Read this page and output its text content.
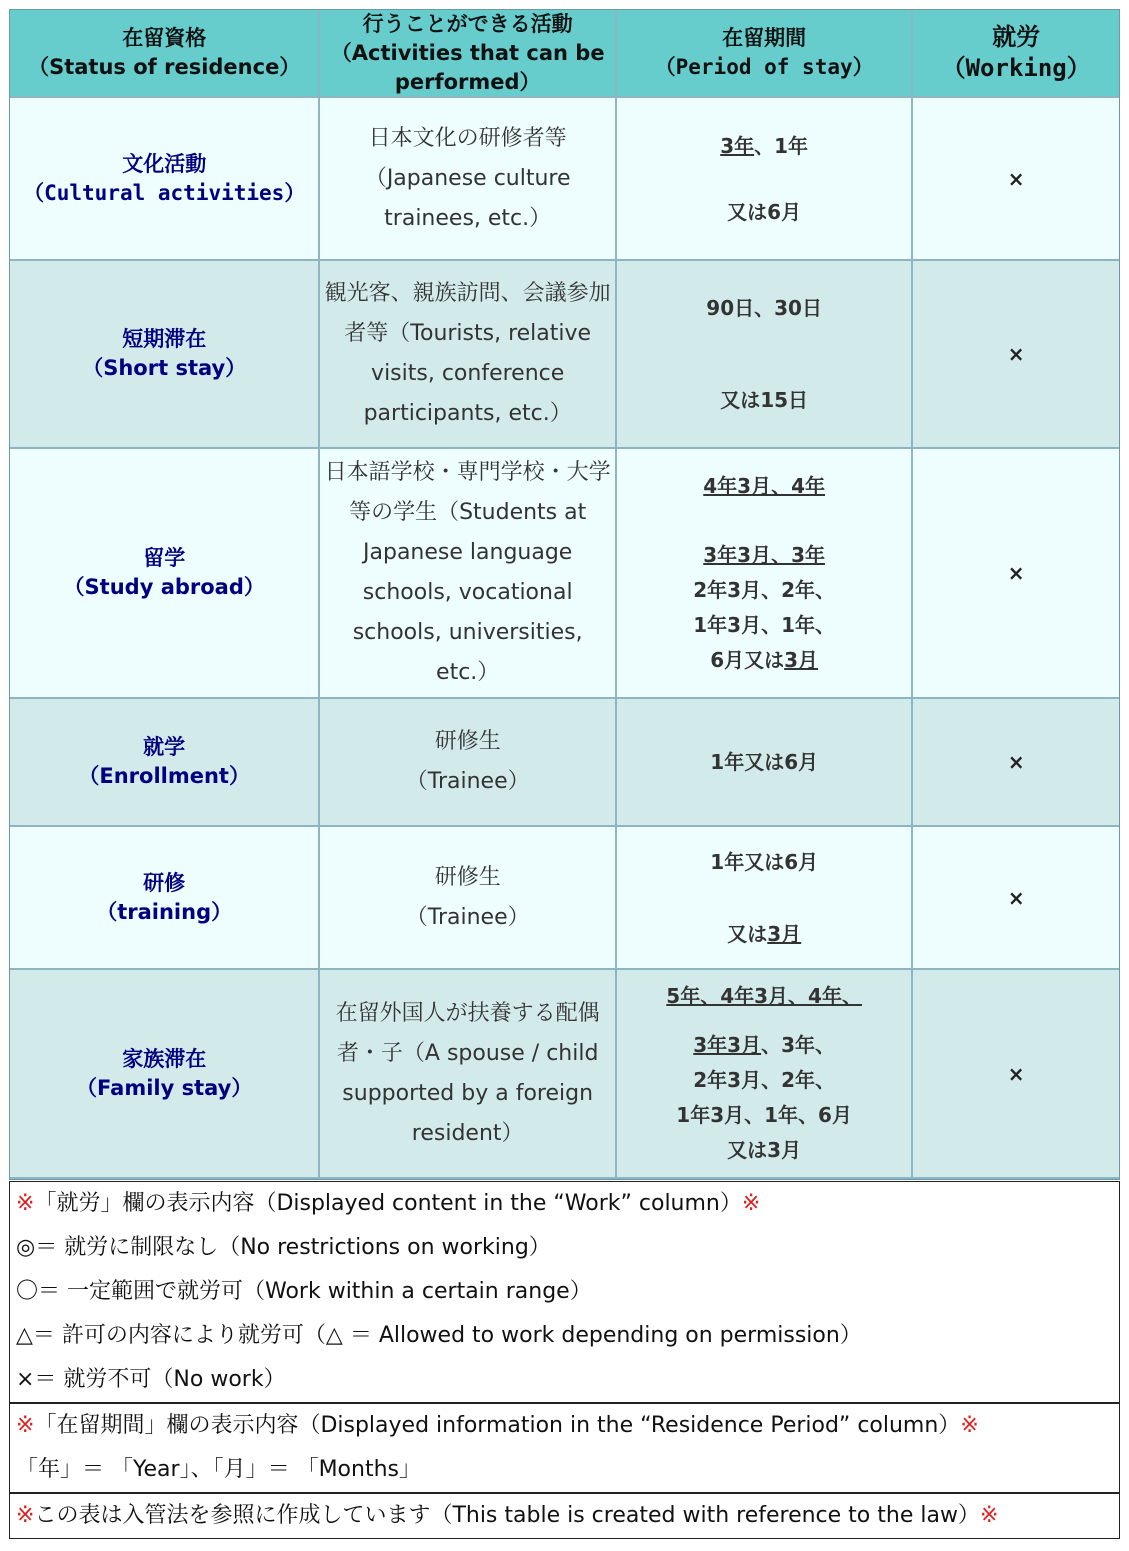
在留資格
（Status of residence）
行うことができる活動
（Activities that can be performed）
在留期間
（Period of stay）
就労
（Working）
文化活動
（Cultural activities）
日本文化の研修者等（Japanese culture trainees, etc.）
3年、1年
又は6月
×
短期滞在
（Short stay）
観光客、親族訪問、会議参加者等（Tourists, relative visits, conference participants, etc.）
90日、30日
又は15日
×
留学
（Study abroad）
日本語学校・専門学校・大学等の学生（Students at Japanese language schools, vocational schools, universities, etc.）
4年3月、4年
3年3月、3年
2年3月、2年、
1年3月、1年、
6月又は3月
×
就学
（Enrollment）
研修生（Trainee）
1年又は6月	×
研修
（training）
研修生（Trainee）
1年又は6月
又は3月
×
家族滞在
（Family stay）
在留外国人が扶養する配偶者・子（A spouse / child supported by a foreign resident）
5年、4年3月、4年、
3年3月、3年、
2年3月、2年、
1年3月、1年、6月
又は3月
×
※「就労」欄の表示内容（Displayed content in the “Work” column）※
◎＝ 就労に制限なし（No restrictions on working）
〇＝ 一定範囲で就労可（Work within a certain range）
△＝ 許可の内容により就労可（△ ＝ Allowed to work depending on permission）
×＝ 就労不可（No work）
※「在留期間」欄の表示内容（Displayed information in the “Residence Period” column）※
「年」＝ 「Year」、「月」＝ 「Months」
※この表は入管法を参照に作成しています（This table is created with reference to the law）※
